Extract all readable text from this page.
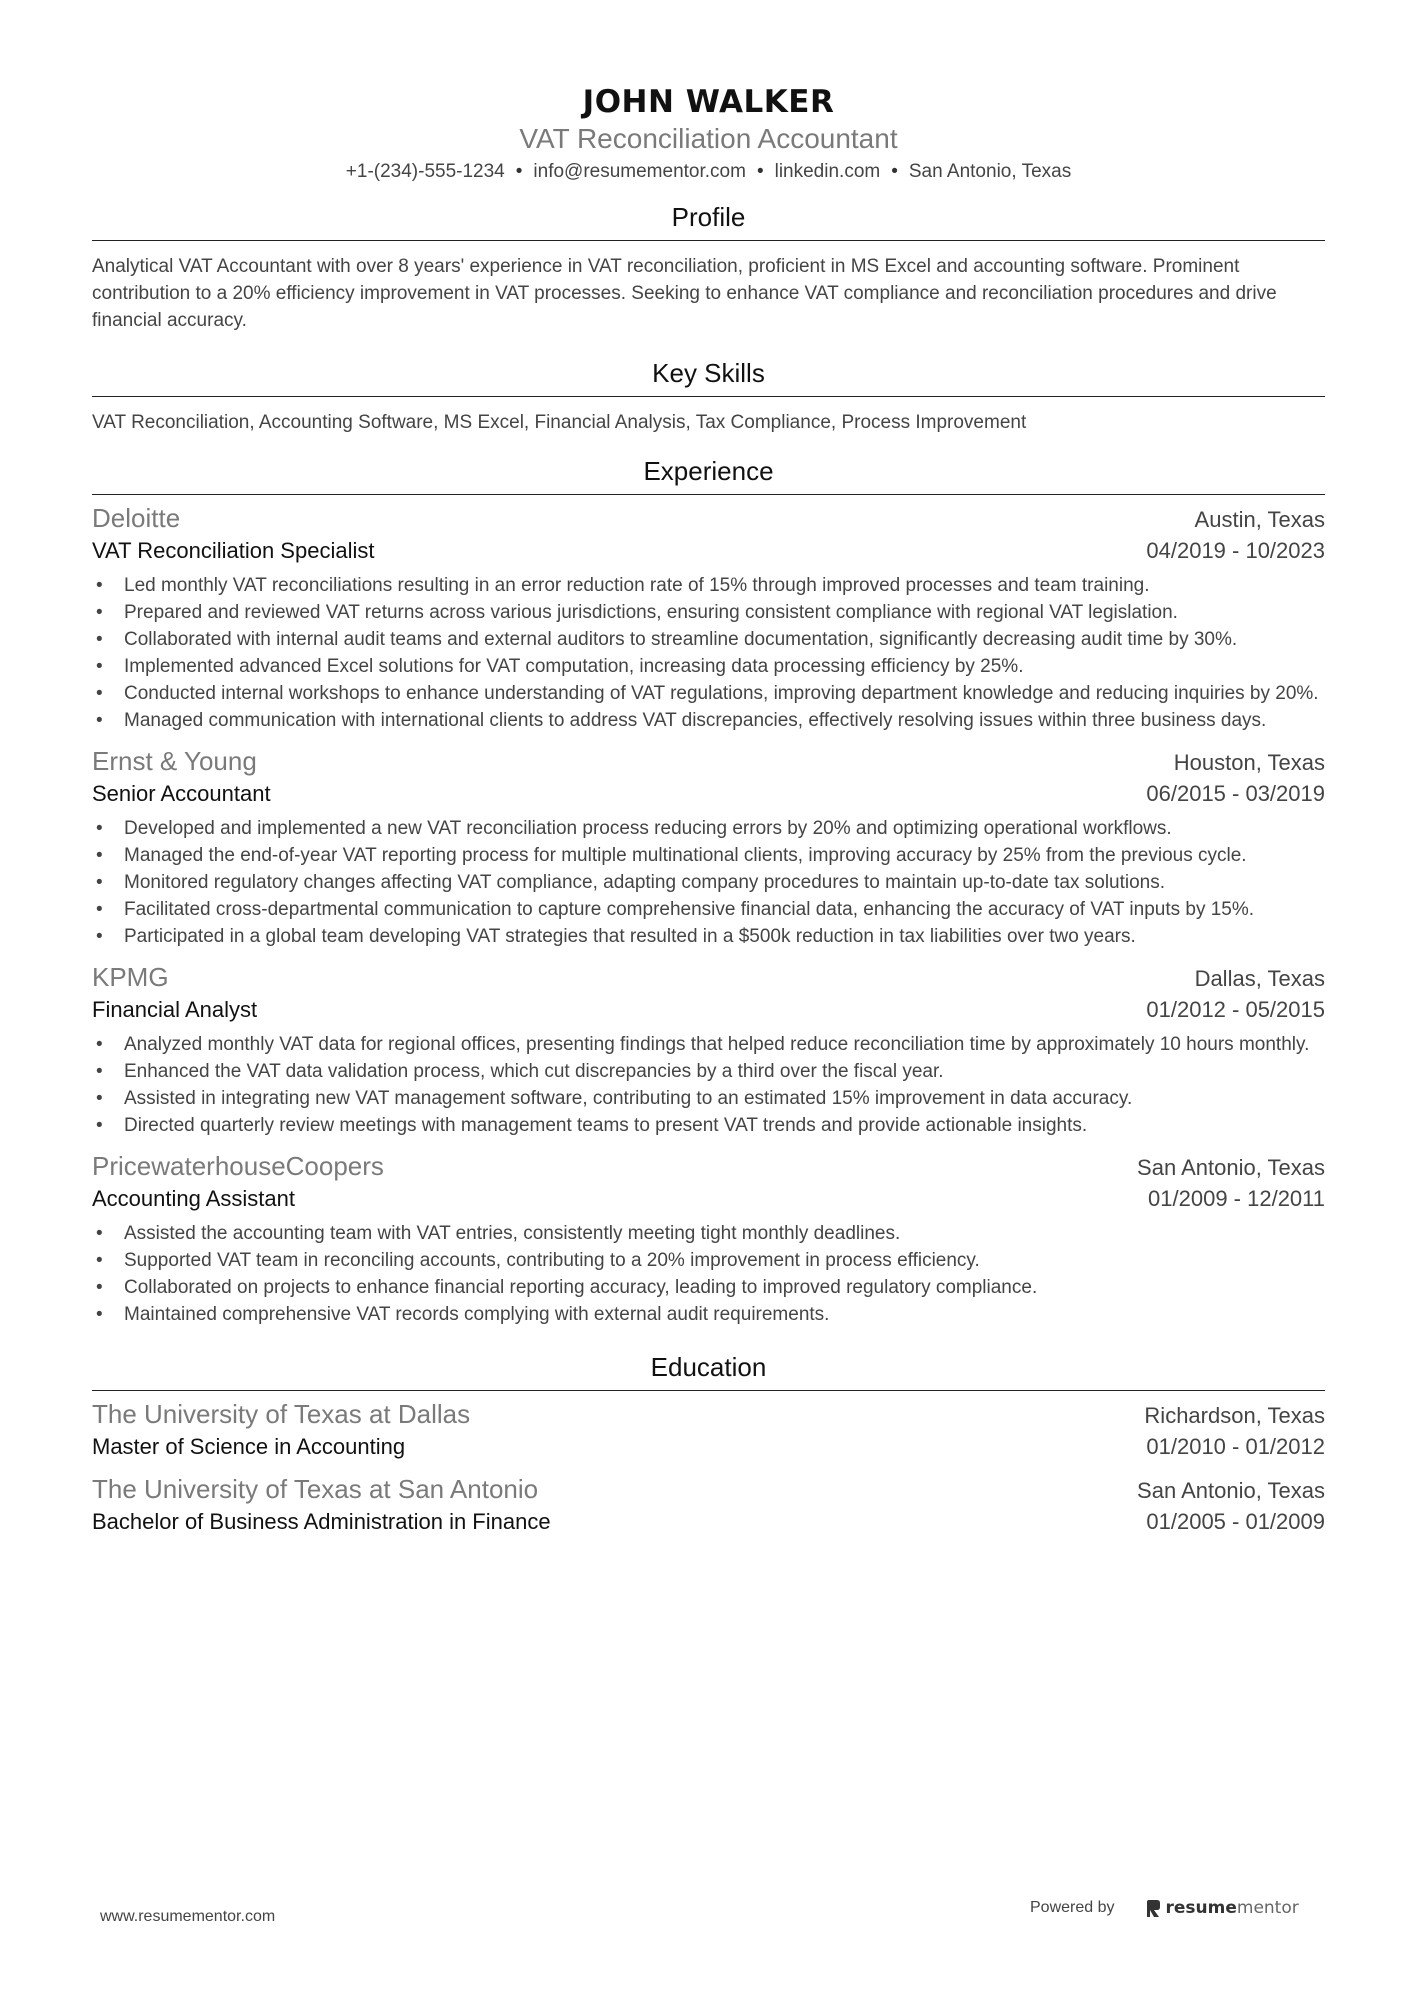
JOHN WALKER
VAT Reconciliation Accountant
+1-(234)-555-1234 • info@resumementor.com • linkedin.com • San Antonio, Texas
Profile
Analytical VAT Accountant with over 8 years' experience in VAT reconciliation, proficient in MS Excel and accounting software. Prominent contribution to a 20% efficiency improvement in VAT processes. Seeking to enhance VAT compliance and reconciliation procedures and drive financial accuracy.
Key Skills
VAT Reconciliation, Accounting Software, MS Excel, Financial Analysis, Tax Compliance, Process Improvement
Experience
Deloitte	Austin, Texas
VAT Reconciliation Specialist	04/2019 - 10/2023
• Led monthly VAT reconciliations resulting in an error reduction rate of 15% through improved processes and team training.
• Prepared and reviewed VAT returns across various jurisdictions, ensuring consistent compliance with regional VAT legislation.
• Collaborated with internal audit teams and external auditors to streamline documentation, significantly decreasing audit time by 30%.
• Implemented advanced Excel solutions for VAT computation, increasing data processing efficiency by 25%.
• Conducted internal workshops to enhance understanding of VAT regulations, improving department knowledge and reducing inquiries by 20%.
• Managed communication with international clients to address VAT discrepancies, effectively resolving issues within three business days.
Ernst & Young	Houston, Texas
Senior Accountant	06/2015 - 03/2019
• Developed and implemented a new VAT reconciliation process reducing errors by 20% and optimizing operational workflows.
• Managed the end-of-year VAT reporting process for multiple multinational clients, improving accuracy by 25% from the previous cycle.
• Monitored regulatory changes affecting VAT compliance, adapting company procedures to maintain up-to-date tax solutions.
• Facilitated cross-departmental communication to capture comprehensive financial data, enhancing the accuracy of VAT inputs by 15%.
• Participated in a global team developing VAT strategies that resulted in a $500k reduction in tax liabilities over two years.
KPMG	Dallas, Texas
Financial Analyst	01/2012 - 05/2015
• Analyzed monthly VAT data for regional offices, presenting findings that helped reduce reconciliation time by approximately 10 hours monthly.
• Enhanced the VAT data validation process, which cut discrepancies by a third over the fiscal year.
• Assisted in integrating new VAT management software, contributing to an estimated 15% improvement in data accuracy.
• Directed quarterly review meetings with management teams to present VAT trends and provide actionable insights.
PricewaterhouseCoopers	San Antonio, Texas
Accounting Assistant	01/2009 - 12/2011
• Assisted the accounting team with VAT entries, consistently meeting tight monthly deadlines.
• Supported VAT team in reconciling accounts, contributing to a 20% improvement in process efficiency.
• Collaborated on projects to enhance financial reporting accuracy, leading to improved regulatory compliance.
• Maintained comprehensive VAT records complying with external audit requirements.
Education
The University of Texas at Dallas	Richardson, Texas
Master of Science in Accounting	01/2010 - 01/2012
The University of Texas at San Antonio	San Antonio, Texas
Bachelor of Business Administration in Finance	01/2005 - 01/2009
www.resumementor.com
Powered by	resume mentor
